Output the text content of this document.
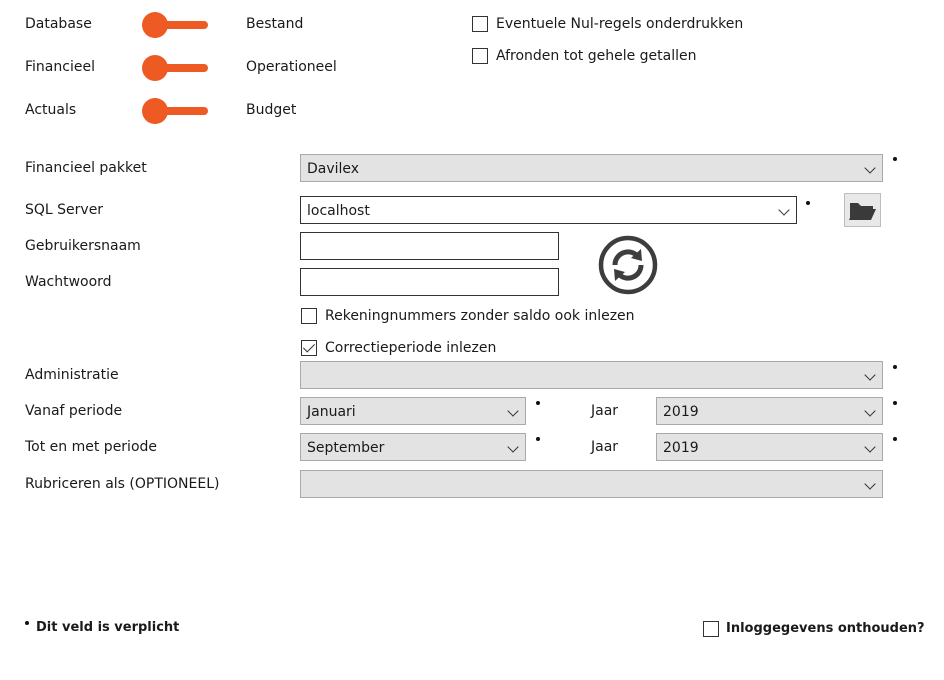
Database	Bestand
Financieel	Operationeel
Actuals	Budget
Eventuele Nul-regels onderdrukken
Afronden tot gehele getallen
Financieel pakket	Davilex
SQL Server	localhost
Gebruikersnaam
Wachtwoord
Rekeningnummers zonder saldo ook inlezen
Correctieperiode inlezen
Administratie
Vanaf periode	Januari	Jaar	2019
Tot en met periode	September	Jaar	2019
Rubriceren als (OPTIONEEL)
Dit veld is verplicht	Inloggegevens onthouden?
